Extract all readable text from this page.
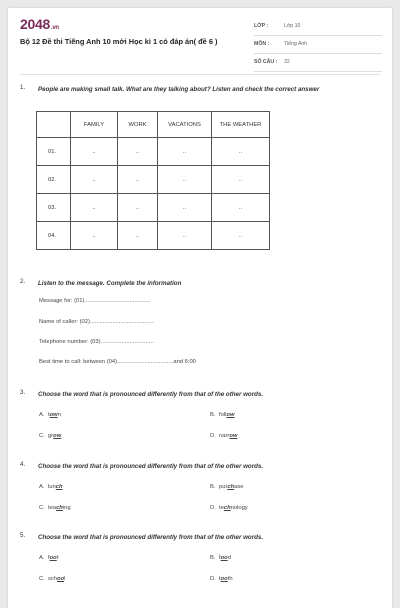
2048.vn
Bộ 12 Đề thi Tiếng Anh 10 mới Học kì 1 có đáp án( đề 6 )
LỚP :	Lớp 10
MÔN :	Tiếng Anh
SỐ CÂU : 32
1. People are making small talk. What are they talking about? Listen and check the correct answer
	FAMILY	WORK	VACATIONS	THE WEATHER
01.	..	..	..	..
02.	..	..	..	..
03.	..	..	..	..
04.	..	..	..	..
2. Listen to the message. Complete the information
Message for: (01).........................................
Name of caller: (02)........................................
Telephone number: (03).................................
Best time to call: between (04)...................................and 6:00
3. Choose the word that is pronounced differently from that of the other words.
A. town	B. follow
C. grow	D. narrow
4. Choose the word that is pronounced differently from that of the other words.
A. lunch	B. purchase
C. teaching	D. technology
5. Choose the word that is pronounced differently from that of the other words.
A. foot	B. food
C. school	D. tooth
